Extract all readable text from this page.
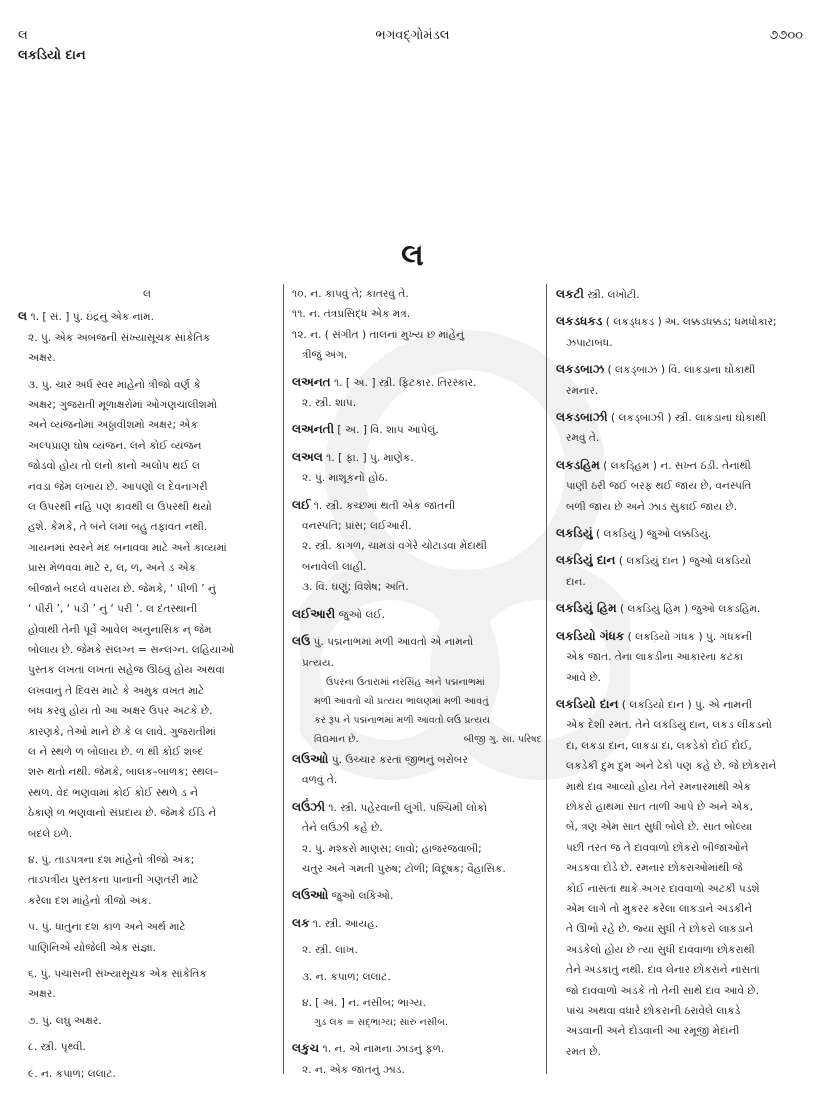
લ	ભગવદ્ગોમંડલ	૭૭૦૦
લકડિયો દાન
લ
લ
લ ૧. [ સં. ] પું. ઇંદ્રનું એક નામ.
૨. પું. એક અબજની સંખ્યાસૂચક સાંકેતિક
અક્ષર.
૩. પું. ચાર અર્ધ સ્વર માંહેનો ત્રીજો વર્ણ કે
અક્ષર; ગુજરાતી મૂળાક્ષરોમાં ઓગણચાલીશમો
અને વ્યંજનોમાં અઠ્ઠાવીશમો અક્ષર; એક
અલ્પપ્રાણ ઘોષ વ્યંજન. લને કોઈ વ્યંજન
જોડવો હોય તો લનો કાનો અલોપ થઈ લ
નવડા જેમ લખાય છે. આપણો લ દેવનાગરી
લ ઉપરથી નહિ પણ કાવથી લ ઉપરથી થયો
હશે. કેમકે, તે બંને લમાં બહુ તફાવત નથી.
ગાયનમાં સ્વરને મંદ બનાવવા માટે અને કાવ્યમાં
પ્રાસ મેળવવા માટે ર, લ, ળ, અને ડ એક
બીજાને બદલે વપરાય છે. જેમકે, ‘ પીળી ’ નું
‘ પીરી ’, ‘ પડી ’ નું ‘ પરી ’. લ દંતસ્થાની
હોવાથી તેની પૂર્વે આવેલ અનુનાસિક ન્ જેમ
બોલાય છે. જેમકે સંલગ્ન = સન્લગ્ન. લહિયાઓ
પુસ્તક લખતાં લખતાં સહેજ ઊઠવું હોય અથવા
લખવાનું તે દિવસ માટે કે અમુક વખત માટે
બંધ કરવું હોય તો આ અક્ષર ઉપર અટકે છે.
કારણકે, તેઓ માને છે કે લ લાવે. ગુજરાતીમાં
લ ને સ્થળે ળ બોલાય છે. ળ થી કોઈ શબ્દ
શરુ થતો નથી. જેમકે, બાલક–બાળક; સ્થલ–
સ્થળ. વેદ ભણવામાં કોઈ કોઈ સ્થળે ડ ને
ઠેકાણે ળ ભણવાનો સંપ્રદાય છે. જેમકે ઈડિ ને
બદલે ઇળે.
૪. પું. તાડપત્રના દશ માંહેનો ત્રીજો અંક;
તાડપત્રીય પુસ્તકનાં પાનાની ગણતરી માટે
કરેલા દશ માંહેનો ત્રીજો અંક.
૫. પું. ધાતુના દશ કાળ અને અર્થ માટે
પાણિનિએ યોજેલી એક સંજ્ઞા.
૬. પું. પચાસની સંખ્યાસૂચક એક સાંકેતિક
અક્ષર.
૭. પું. લઘુ અક્ષર.
૮. સ્ત્રી. પૃથ્વી.
૯. ન. કપાળ; લલાટ.
૧૦. ન. કાપવું તે; કાતરવું તે.
૧૧. ન. તંત્રપ્રસિદ્ધ એક મંત્ર.
૧૨. ન. ( સંગીત ) તાલનાં મુખ્ય છ માંહેનું
ત્રીજું અંગ.
લઅનત ૧. [ અ. ] સ્ત્રી. ફિટકાર. તિરસ્કાર.
૨. સ્ત્રી. શાપ.
લઅનતી [ અ. ] વિ. શાપ આપેલું.
લઅલ ૧. [ ફા. ] પું. માણેક.
૨. પું. માશૂકનો હોઠ.
લઈ ૧. સ્ત્રી. કચ્છમાં થતી એક જાતની
વનસ્પતિ; પ્રાંસ; લઈઆરી.
૨. સ્ત્રી. કાગળ, ચામડાં વગેરે ચોટાડવા મેંદાથી
બનાવેલી લાહી.
૩. વિ. ઘણું; વિશેષ; અતિ.
લઈઆરી જુઓ લઈ.
લઉ પું. પદ્મનાભમાં મળી આવતો એ નામનો
પ્રત્યય.
ઉપરના ઉતારામાં નરસિંહ અને પદ્મનાભમાં
મળી આવતો ચો પ્રત્યય ભાલણમાં મળી આવતું
કરં રૂપ ને પદ્મનાભમાં મળી આવતો લઉ પ્રત્યય
વિદ્યમાન છે.	બીજી ગુ. સા. પરિષદ
લઉઆો પું. ઉચ્ચાર કરતાં જીભનું બરોબર
વળવું તે.
લઉંઝી ૧. સ્ત્રી. પહેરવાની લુંગી. પશ્ચિમી લોકો
તેને લઉંઝી કહે છે.
૨. પું. મશ્કરો માણસ; લાવો; હાજરજવાબી;
ચતુર અને ગમતી પુરુષ; ટોળી; વિદૂષક; વૈહાસિક.
લઉઆો જુઓ લકિઓ.
લક ૧. સ્ત્રી. આયહ.
૨. સ્ત્રી. લાખ.
૩. ન. કપાળ; લલાટ.
૪. [ અં. ] ન. નસીબ; ભાગ્ય.
ગુડ લક = સદ્ભાગ્ય; સારું નસીબ.
લકુચ ૧. ન. એ નામના ઝાડનું ફળ.
૨. ન. એક જાતનું ઝાડ.
લકટી સ્ત્રી. લખોટી.
લકડધકડ ( લકડ્ધકડ ) અ. લક્કડધક્કડ; ધમધોકાર;
ઝપાટાબંધ.
લકડબાઝ ( લકડ્બાઝ ) વિ. લાકડાના ઘોકાથી
રમનાર.
લકડબાઝી ( લકડ્બાઝી ) સ્ત્રી. લાકડાના ઘોકાથી
રમવું તે.
લકડહિમ ( લકડ્હિમ ) ન. સખ્ત ઠંડી. તેનાથી
પાણી ઠરી જઈ બરફ થઈ જાય છે, વનસ્પતિ
બળી જાય છે અને ઝાડ સુકાઈ જાય છે.
લકડિયું ( લકડ઼િયું ) જુઓ લક્કડિયું.
લકડિયું દાન ( લકડ઼િયું દાન ) જુઓ લકડિયો
દાન.
લકડિયું હિમ ( લકડ઼િયું હિમ ) જુઓ લકડહિમ.
લકડિયો ગંધક ( લકડ઼િયો ગંધક ) પું. ગંધકની
એક જાત. તેના લાકડીના આકારના કટકા
આવે છે.
લકડિયો દાન ( લકડ઼િયો દાન ) પું. એ નામની
એક દેશી રમત. તેને લકડિયું દાન, લકડ લીકડનો
દા, લકડા દાન, લાકડા દા, લકડેકો દોઈ દોઈ,
લકડેકી દુમ દુમ અને ઢેકો પણ કહે છે. જે છોકરાને
માથે દાવ આવ્યો હોય તેને રમનારમાંથી એક
છોકરો હાથમાં સાત તાળી આપે છે અને એક,
બે, ત્રણ એમ સાત સુધી બોલે છે. સાત બોલ્યા
પછી તરત જ તે દાવવાળો છોકરો બીજાઓને
અડકવા દોડે છે. રમનાર છોકરાઓમાંથી જે
કોઈ નાસતાં થાકે અગર દાવવાળો અટકી પડશે
એમ લાગે તો મુકરર કરેલા લાકડાને અડકીને
તે ઊભો રહે છે. જ્યાં સુધી તે છોકરો લાકડાને
અડકેલો હોય છે ત્યાં સુધી દાવવાળા છોકરાથી
તેને અડકાતું નથી. દાવ લેનાર છોકરાને નાસતાં
જો દાવવાળો અડકે તો તેની સાથે દાવ આવે છે.
પાંચ અથવા વધારે છોકરાની ઠરાવેલે લાકડે
અડવાની અને દોડવાની આ રમૂજી મેદાની
રમત છે.
